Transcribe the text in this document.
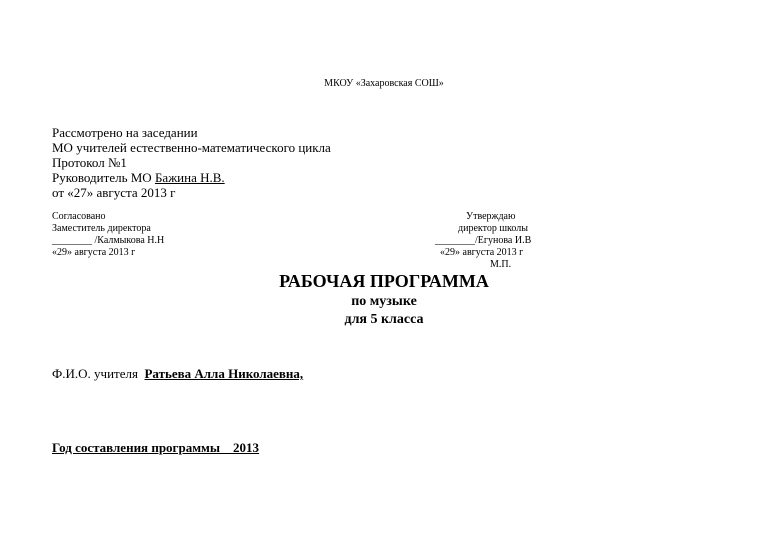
МКОУ «Захаровская СОШ»
Рассмотрено на заседании
МО учителей естественно-математического цикла
Протокол №1
Руководитель МО Бажина Н.В.
от «27» августа 2013 г
Согласовано
Заместитель директора
________ /Калмыкова Н.Н
«29» августа 2013 г
Утверждаю
директор школы
________/Егунова И.В
«29» августа 2013 г
М.П.
РАБОЧАЯ ПРОГРАММА
по музыке
для 5 класса
Ф.И.О. учителя  Ратьева Алла Николаевна,
Год составления программы    2013
